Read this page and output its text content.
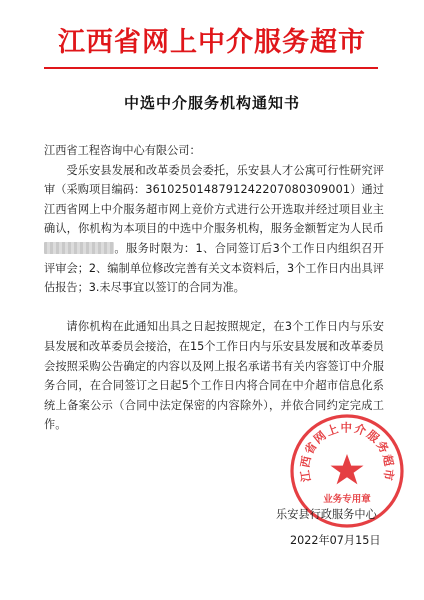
江西省网上中介服务超市
中选中介服务机构通知书

江西省工程咨询中心有限公司：

受乐安县发展和改革委员会委托，乐安县人才公寓可行性研究评审（采购项目编码：3610250148791242207080309001）通过江西省网上中介服务超市网上竞价方式进行公开选取并经过项目业主确认，你机构为本项目的中选中介服务机构，服务金额暂定为人民币。服务时限为：1、合同签订后3个工作日内组织召开评审会；2、编制单位修改完善有关文本资料后，3个工作日内出具评估报告；3.未尽事宜以签订的合同为准。

请你机构在此通知出具之日起按照规定，在3个工作日内与乐安县发展和改革委员会接洽，在15个工作日内与乐安县发展和改革委员会按照采购公告确定的内容以及网上报名承诺书有关内容签订中介服务合同，在合同签订之日起5个工作日内将合同在中介超市信息化系统上备案公示（合同中法定保密的内容除外），并依合同约定完成工作。

江西省网上中介服务超市
业务专用章
乐安县行政服务中心
2022年07月15日
